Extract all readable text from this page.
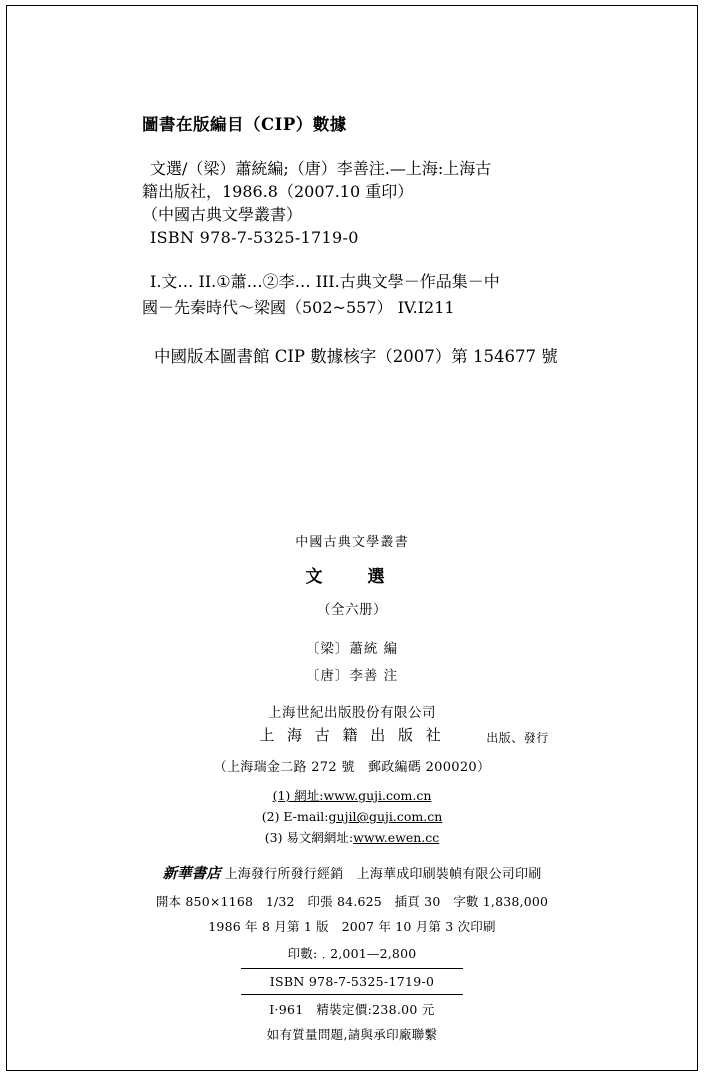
圖書在版編目（CIP）數據
文選/（梁）蕭統編;（唐）李善注.—上海:上海古
籍出版社，1986.8（2007.10 重印）
（中國古典文學叢書）
ISBN 978-7-5325-1719-0
I.文… II.①蕭…②李… III.古典文學－作品集－中
國－先秦時代～梁國（502~557） IV.I211
中國版本圖書館 CIP 數據核字（2007）第 154677 號
中國古典文學叢書
文　選
（全六册）
〔梁〕蕭統 編
〔唐〕李善 注
上海世紀出版股份有限公司
上 海 古 籍 出 版 社	出版、發行
（上海瑞金二路 272 號　郵政編碼 200020）
(1) 網址:www.guji.com.cn
(2) E-mail:gujil@guji.com.cn
(3) 易文網網址:www.ewen.cc
新華書店 上海發行所發行經銷　上海華成印刷裝幀有限公司印刷
開本 850×1168　1/32　印張 84.625　插頁 30　字數 1,838,000
1986 年 8 月第 1 版　2007 年 10 月第 3 次印刷
印數:﹒2,001—2,800
ISBN 978-7-5325-1719-0
I·961　精裝定價:238.00 元
如有質量問題,請與承印廠聯繫
